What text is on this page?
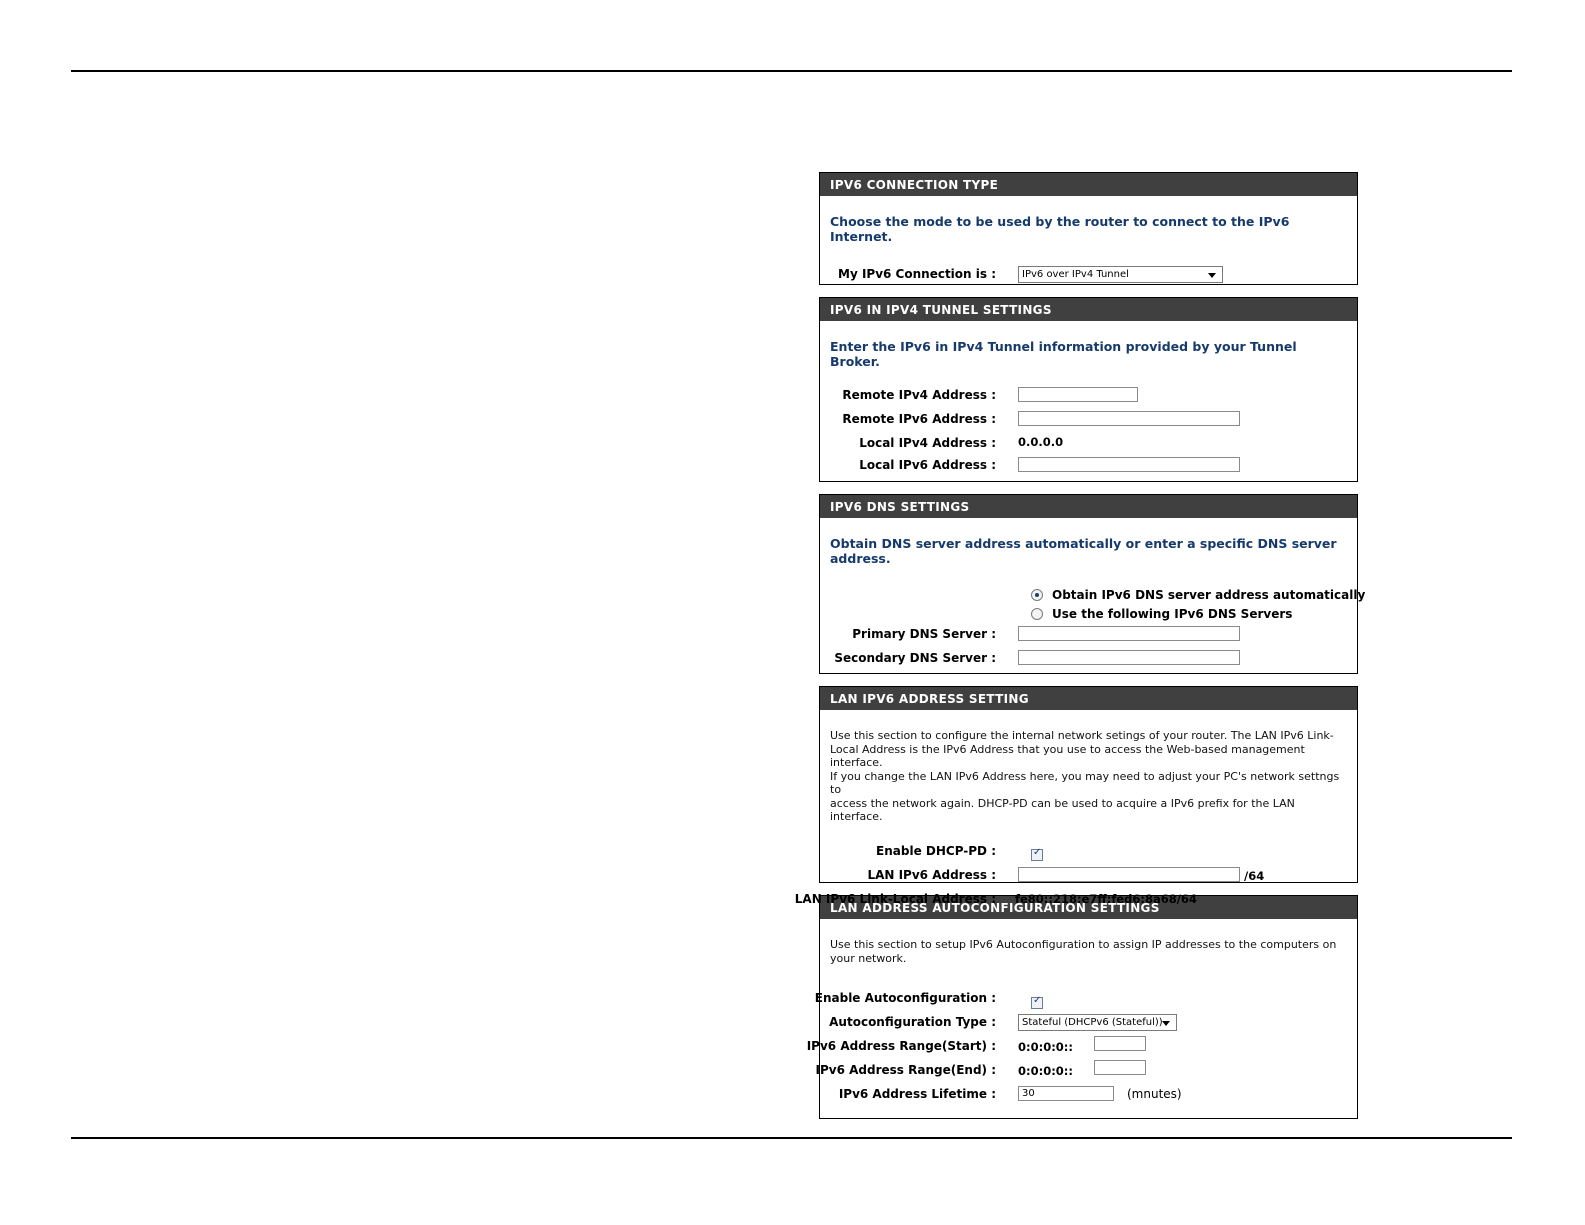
IPV6 CONNECTION TYPE
Choose the mode to be used by the router to connect to the IPv6 Internet.
My IPv6 Connection is :	IPv6 over IPv4 Tunnel
IPV6 IN IPV4 TUNNEL SETTINGS
Enter the IPv6 in IPv4 Tunnel information provided by your Tunnel Broker.
Remote IPv4 Address :
Remote IPv6 Address :
Local IPv4 Address : 0.0.0.0
Local IPv6 Address :
IPV6 DNS SETTINGS
Obtain DNS server address automatically or enter a specific DNS server address.
Obtain IPv6 DNS server address automatically
Use the following IPv6 DNS Servers
Primary DNS Server :
Secondary DNS Server :
LAN IPV6 ADDRESS SETTING
Use this section to configure the internal network setings of your router. The LAN IPv6 Link-
Local Address is the IPv6 Address that you use to access the Web-based management interface.
If you change the LAN IPv6 Address here, you may need to adjust your PC's network settngs to
access the network again. DHCP-PD can be used to acquire a IPv6 prefix for the LAN interface.
Enable DHCP-PD :
✓
LAN IPv6 Address :	/64
LAN IPv6 Link-Local Address : fe80::218:e7ff:fed6:8a68/64
LAN ADDRESS AUTOCONFIGURATION SETTINGS
Use this section to setup IPv6 Autoconfiguration to assign IP addresses to the computers on
your network.
Enable Autoconfiguration :
✓
Autoconfiguration Type :	Stateful (DHCPv6 (Stateful))
IPv6 Address Range(Start) : 0:0:0:0::
IPv6 Address Range(End) : 0:0:0:0::
IPv6 Address Lifetime :	30	(mnutes)
